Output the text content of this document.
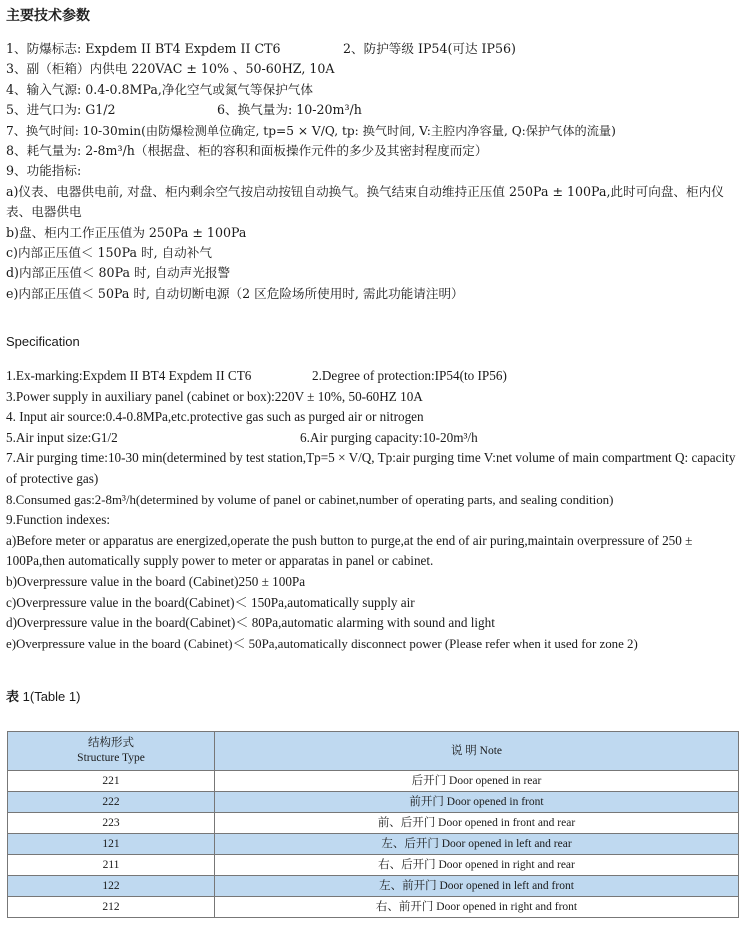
主要技术参数
1、防爆标志: Expdem II BT4 Expdem II CT6	2、防护等级 IP54(可达 IP56)
3、副（柜箱）内供电 220VAC ± 10% 、50-60HZ, 10A
4、输入气源: 0.4-0.8MPa,净化空气或氮气等保护气体
5、进气口为: G1/2	6、换气量为: 10-20m³/h
7、换气时间: 10-30min(由防爆检测单位确定, tp=5 × V/Q, tp: 换气时间, V:主腔内净容量, Q:保护气体的流量)
8、耗气量为: 2-8m³/h（根据盘、柜的容积和面板操作元件的多少及其密封程度而定）
9、功能指标:
a)仪表、电器供电前, 对盘、柜内剩余空气按启动按钮自动换气。换气结束自动维持正压值 250Pa ± 100Pa,此时可向盘、柜内仪表、电器供电
b)盘、柜内工作正压值为 250Pa ± 100Pa
c)内部正压值＜ 150Pa 时, 自动补气
d)内部正压值＜ 80Pa 时, 自动声光报警
e)内部正压值＜ 50Pa 时, 自动切断电源（2 区危险场所使用时, 需此功能请注明）
Specification
1.Ex-marking:Expdem II BT4 Expdem II CT6	2.Degree of protection:IP54(to IP56)
3.Power supply in auxiliary panel (cabinet or box):220V ± 10%, 50-60HZ 10A
4. Input air source:0.4-0.8MPa,etc.protective gas such as purged air or nitrogen
5.Air input size:G1/2	6.Air purging capacity:10-20m³/h
7.Air purging time:10-30 min(determined by test station,Tp=5 × V/Q, Tp:air purging time V:net volume of main compartment Q: capacity of protective gas)
8.Consumed gas:2-8m³/h(determined by volume of panel or cabinet,number of operating parts, and sealing condition)
9.Function indexes:
a)Before meter or apparatus are energized,operate the push button to purge,at the end of air puring,maintain overpressure of 250 ± 100Pa,then automatically supply power to meter or apparatas in panel or cabinet.
b)Overpressure value in the board (Cabinet)250 ± 100Pa
c)Overpressure value in the board(Cabinet)＜ 150Pa,automatically supply air
d)Overpressure value in the board(Cabinet)＜ 80Pa,automatic alarming with sound and light
e)Overpressure value in the board (Cabinet)＜ 50Pa,automatically disconnect power (Please refer when it used for zone 2)
表 1(Table 1)
结构形式
Structure Type	说 明 Note
221	后开门 Door opened in rear
222	前开门 Door opened in front
223	前、后开门 Door opened in front and rear
121	左、后开门 Door opened in left and rear
211	右、后开门 Door opened in right and rear
122	左、前开门 Door opened in left and front
212	右、前开门 Door opened in right and front
